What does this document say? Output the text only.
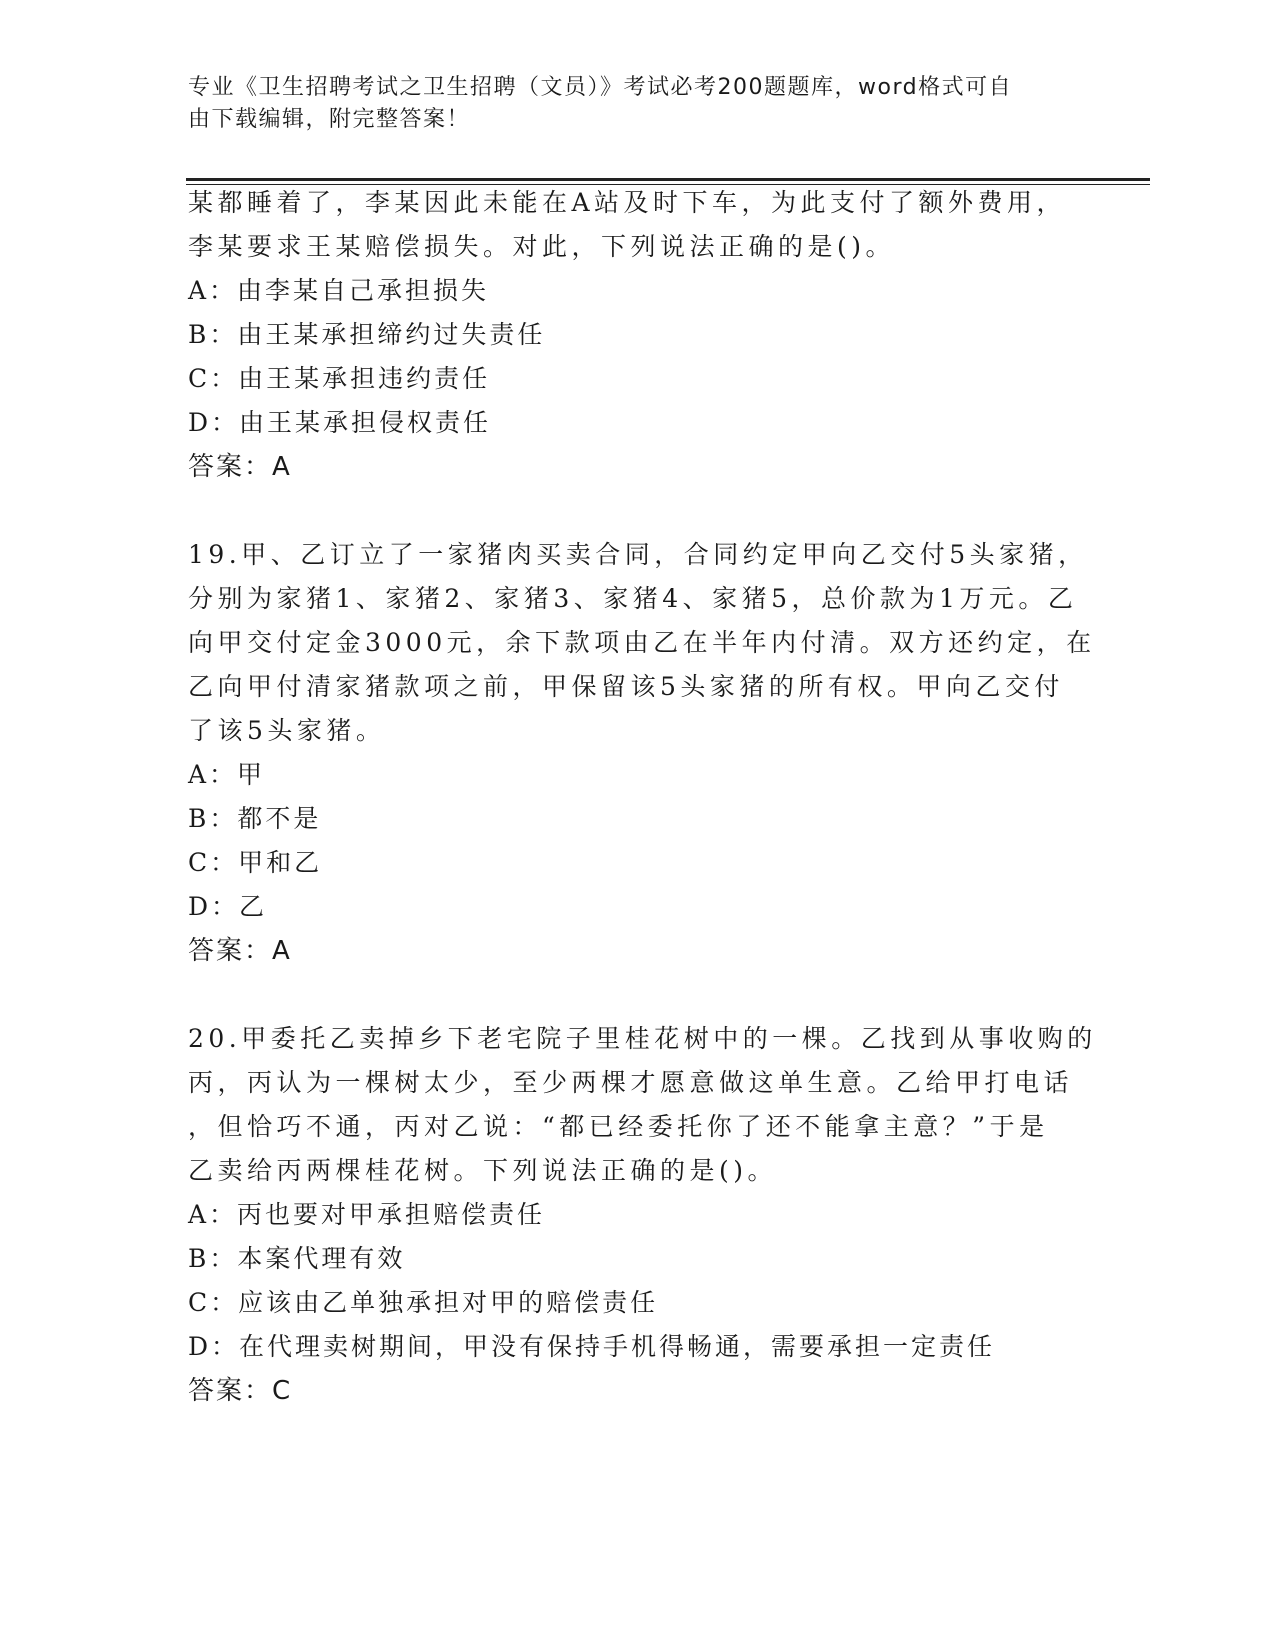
专业《卫生招聘考试之卫生招聘（文员）》考试必考200题题库，word格式可自
由下载编辑，附完整答案！
某都睡着了，李某因此未能在A站及时下车，为此支付了额外费用，
李某要求王某赔偿损失。对此，下列说法正确的是()。
A：由李某自己承担损失
B：由王某承担缔约过失责任
C：由王某承担违约责任
D：由王某承担侵权责任
答案：A
19.甲、乙订立了一家猪肉买卖合同，合同约定甲向乙交付5头家猪，
分别为家猪1、家猪2、家猪3、家猪4、家猪5，总价款为1万元。乙
向甲交付定金3000元，余下款项由乙在半年内付清。双方还约定，在
乙向甲付清家猪款项之前，甲保留该5头家猪的所有权。甲向乙交付
了该5头家猪。
A：甲
B：都不是
C：甲和乙
D：乙
答案：A
20.甲委托乙卖掉乡下老宅院子里桂花树中的一棵。乙找到从事收购的
丙，丙认为一棵树太少，至少两棵才愿意做这单生意。乙给甲打电话
，但恰巧不通，丙对乙说：“都已经委托你了还不能拿主意？”于是
乙卖给丙两棵桂花树。下列说法正确的是()。
A：丙也要对甲承担赔偿责任
B：本案代理有效
C：应该由乙单独承担对甲的赔偿责任
D：在代理卖树期间，甲没有保持手机得畅通，需要承担一定责任
答案：C
